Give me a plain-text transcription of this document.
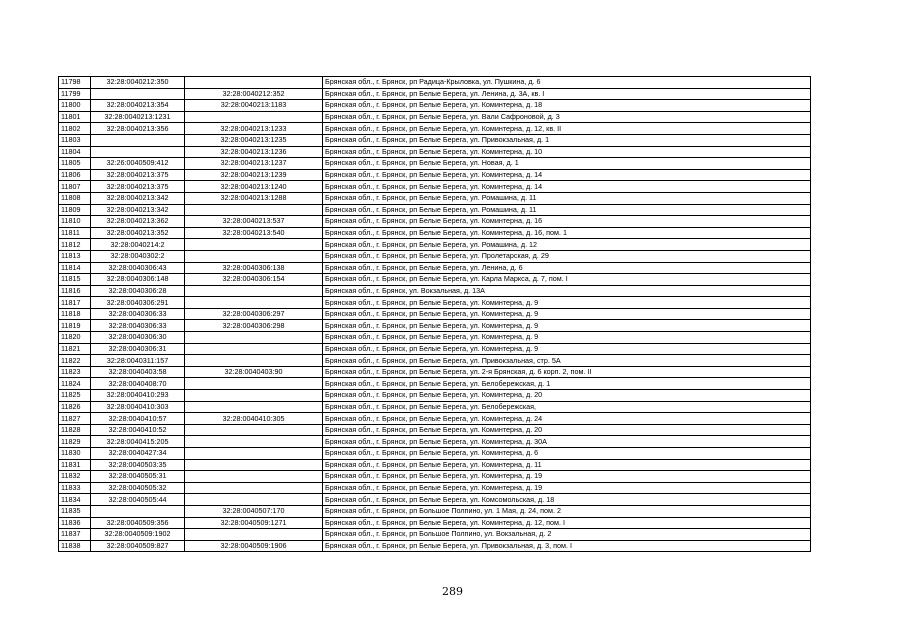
11798	32:28:0040212:350		Брянская обл., г. Брянск, рп Радица-Крыловка, ул. Пушкина, д. 6
11799		32:28:0040212:352	Брянская обл., г. Брянск, рп Белые Берега, ул. Ленина, д. 3А, кв. I
11800	32:28:0040213:354	32:28:0040213:1183	Брянская обл., г. Брянск, рп Белые Берега, ул. Коминтерна, д. 18
11801	32:28:0040213:1231		Брянская обл., г. Брянск, рп Белые Берега, ул. Вали Сафроновой, д. 3
11802	32:28:0040213:356	32:28:0040213:1233	Брянская обл., г. Брянск, рп Белые Берега, ул. Коминтерна, д. 12, кв. II
11803		32:28:0040213:1235	Брянская обл., г. Брянск, рп Белые Берега, ул. Привокзальная, д. 1
11804		32:28:0040213:1236	Брянская обл., г. Брянск, рп Белые Берега, ул. Коминтерна, д. 10
11805	32:26:0040509:412	32:28:0040213:1237	Брянская обл., г. Брянск, рп Белые Берега, ул. Новая, д. 1
11806	32:28:0040213:375	32:28:0040213:1239	Брянская обл., г. Брянск, рп Белые Берега, ул. Коминтерна, д. 14
11807	32:28:0040213:375	32:28:0040213:1240	Брянская обл., г. Брянск, рп Белые Берега, ул. Коминтерна, д. 14
11808	32:28:0040213:342	32:28:0040213:1288	Брянская обл., г. Брянск, рп Белые Берега, ул. Ромашина, д. 11
11809	32:28:0040213:342		Брянская обл., г. Брянск, рп Белые Берега, ул. Ромашина, д. 11
11810	32:28:0040213:362	32:28:0040213:537	Брянская обл., г. Брянск, рп Белые Берега, ул. Коминтерна, д. 16
11811	32:28:0040213:352	32:28:0040213:540	Брянская обл., г. Брянск, рп Белые Берега, ул. Коминтерна, д. 16, пом. 1
11812	32:28:0040214:2		Брянская обл., г. Брянск, рп Белые Берега, ул. Ромашина, д. 12
11813	32:28:0040302:2		Брянская обл., г. Брянск, рп Белые Берега, ул. Пролетарская, д. 29
11814	32:28:0040306:43	32:28:0040306:138	Брянская обл., г. Брянск, рп Белые Берега, ул. Ленина, д. 6
11815	32:28:0040306:148	32:28:0040306:154	Брянская обл., г. Брянск, рп Белые Берега, ул. Карла Маркса, д. 7, пом. I
11816	32:28:0040306:28		Брянская обл., г. Брянск, ул. Вокзальная, д. 13А
11817	32:28:0040306:291		Брянская обл., г. Брянск, рп Белые Берега, ул. Коминтерна, д. 9
11818	32:28:0040306:33	32:28:0040306:297	Брянская обл., г. Брянск, рп Белые Берега, ул. Коминтерна, д. 9
11819	32:28:0040306:33	32:28:0040306:298	Брянская обл., г. Брянск, рп Белые Берега, ул. Коминтерна, д. 9
11820	32:28:0040306:30		Брянская обл., г. Брянск, рп Белые Берега, ул. Коминтерна, д. 9
11821	32:28:0040306:31		Брянская обл., г. Брянск, рп Белые Берега, ул. Коминтерна, д. 9
11822	32:28:0040311:157		Брянская обл., г. Брянск, рп Белые Берега, ул. Привокзальная, стр. 5А
11823	32:28:0040403:58	32:28:0040403:90	Брянская обл., г. Брянск, рп Белые Берега, ул. 2-я Брянская, д. 6 корп. 2, пом. II
11824	32:28:0040408:70		Брянская обл., г. Брянск, рп Белые Берега, ул. Белобережская, д. 1
11825	32:28:0040410:293		Брянская обл., г. Брянск, рп Белые Берега, ул. Коминтерна, д. 20
11826	32:28:0040410:303		Брянская обл., г. Брянск, рп Белые Берега, ул. Белобережская,
11827	32:28:0040410:57	32:28:0040410:305	Брянская обл., г. Брянск, рп Белые Берега, ул. Коминтерна, д. 24
11828	32:28:0040410:52		Брянская обл., г. Брянск, рп Белые Берега, ул. Коминтерна, д. 20
11829	32:28:0040415:205		Брянская обл., г. Брянск, рп Белые Берега, ул. Коминтерна, д. 30А
11830	32:28:0040427:34		Брянская обл., г. Брянск, рп Белые Берега, ул. Коминтерна, д. 6
11831	32:28:0040503:35		Брянская обл., г. Брянск, рп Белые Берега, ул. Коминтерна, д. 11
11832	32:28:0040505:31		Брянская обл., г. Брянск, рп Белые Берега, ул. Коминтерна, д. 19
11833	32:28:0040505:32		Брянская обл., г. Брянск, рп Белые Берега, ул. Коминтерна, д. 19
11834	32:28:0040505:44		Брянская обл., г. Брянск, рп Белые Берега, ул. Комсомольская, д. 18
11835		32:28:0040507:170	Брянская обл., г. Брянск, рп Большое Полпино, ул. 1 Мая, д. 24, пом. 2
11836	32:28:0040509:356	32:28:0040509:1271	Брянская обл., г. Брянск, рп Белые Берега, ул. Коминтерна, д. 12, пом. I
11837	32:28:0040509:1902		Брянская обл., г. Брянск, рп Большое Полпино, ул. Вокзальная, д. 2
11838	32:28:0040509:827	32:28:0040509:1906	Брянская обл., г. Брянск, рп Белые Берега, ул. Привокзальная, д. 3, пом. I
289
